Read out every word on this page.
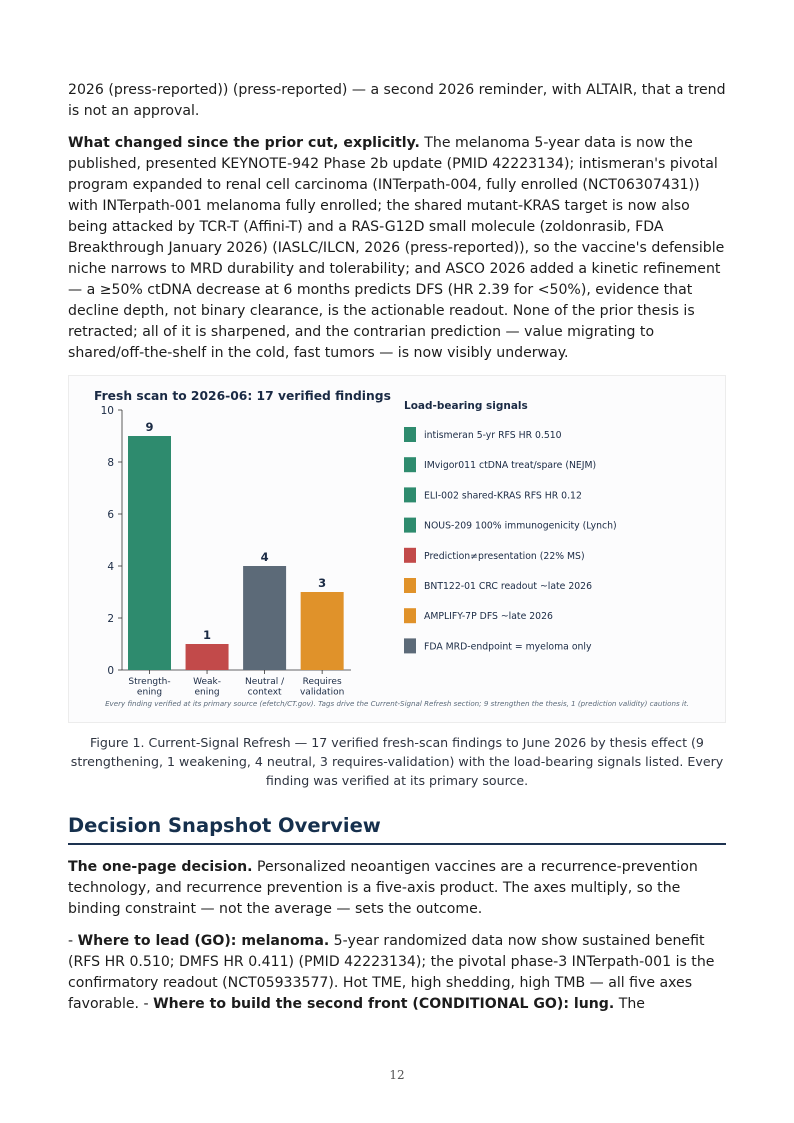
2026 (press-reported)) (press-reported) — a second 2026 reminder, with ALTAIR, that a trend is not an approval.

What changed since the prior cut, explicitly. The melanoma 5-year data is now the published, presented KEYNOTE-942 Phase 2b update (PMID 42223134); intismeran's pivotal program expanded to renal cell carcinoma (INTerpath-004, fully enrolled (NCT06307431)) with INTerpath-001 melanoma fully enrolled; the shared mutant-KRAS target is now also being attacked by TCR-T (Affini-T) and a RAS-G12D small molecule (zoldonrasib, FDA Breakthrough January 2026) (IASLC/ILCN, 2026 (press-reported)), so the vaccine's defensible niche narrows to MRD durability and tolerability; and ASCO 2026 added a kinetic refinement — a ≥50% ctDNA decrease at 6 months predicts DFS (HR 2.39 for <50%), evidence that decline depth, not binary clearance, is the actionable readout. None of the prior thesis is retracted; all of it is sharpened, and the contrarian prediction — value migrating to shared/off-the-shelf in the cold, fast tumors — is now visibly underway.

Fresh scan to 2026-06: 17 verified findings
0
2
4
6
8
10
9
Strength-ening
1
Weak-ening
4
Neutral / context
3
Requires validation
Load-bearing signals
intismeran 5-yr RFS HR 0.510
IMvigor011 ctDNA treat/spare (NEJM)
ELI-002 shared-KRAS RFS HR 0.12
NOUS-209 100% immunogenicity (Lynch)
Prediction≠presentation (22% MS)
BNT122-01 CRC readout ~late 2026
AMPLIFY-7P DFS ~late 2026
FDA MRD-endpoint = myeloma only
Every finding verified at its primary source (efetch/CT.gov). Tags drive the Current-Signal Refresh section; 9 strengthen the thesis, 1 (prediction validity) cautions it.

Figure 1. Current-Signal Refresh — 17 verified fresh-scan findings to June 2026 by thesis effect (9 strengthening, 1 weakening, 4 neutral, 3 requires-validation) with the load-bearing signals listed. Every finding was verified at its primary source.

Decision Snapshot Overview

The one-page decision. Personalized neoantigen vaccines are a recurrence-prevention technology, and recurrence prevention is a five-axis product. The axes multiply, so the binding constraint — not the average — sets the outcome.

- Where to lead (GO): melanoma. 5-year randomized data now show sustained benefit (RFS HR 0.510; DMFS HR 0.411) (PMID 42223134); the pivotal phase-3 INTerpath-001 is the confirmatory readout (NCT05933577). Hot TME, high shedding, high TMB — all five axes favorable. - Where to build the second front (CONDITIONAL GO): lung. The

12
